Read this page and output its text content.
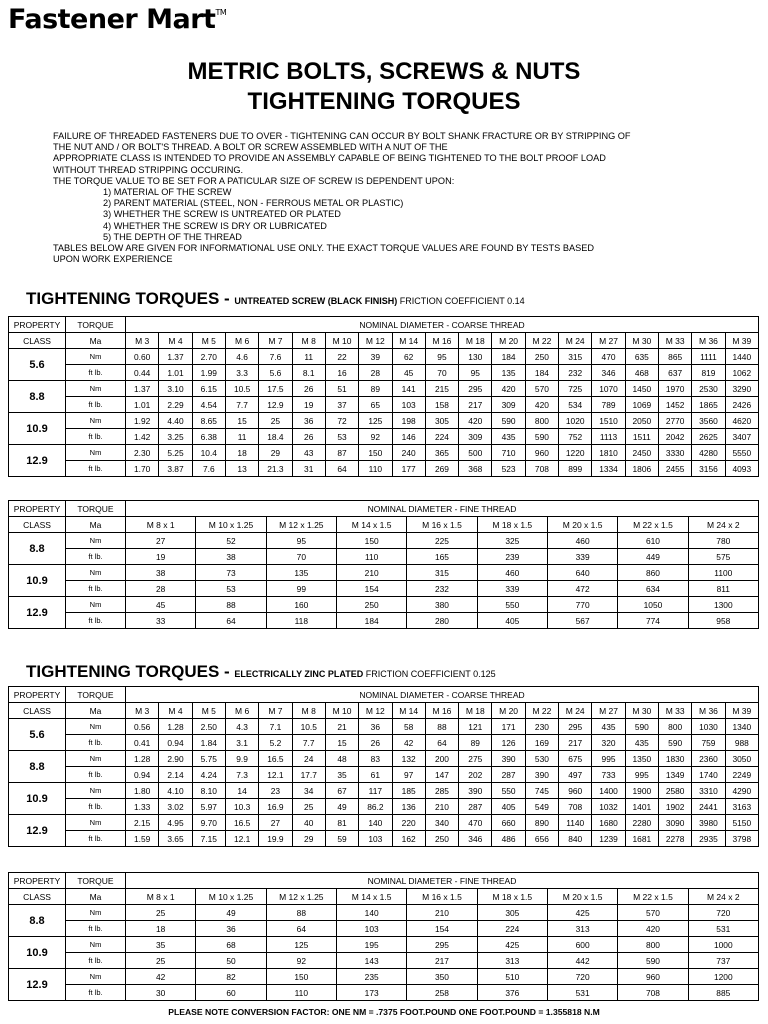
Fastener Mart™
METRIC BOLTS, SCREWS & NUTS
TIGHTENING TORQUES
FAILURE OF THREADED FASTENERS DUE TO OVER - TIGHTENING CAN OCCUR BY BOLT SHANK FRACTURE OR BY STRIPPING OF
THE NUT AND / OR BOLT'S THREAD. A BOLT OR SCREW ASSEMBLED WITH A NUT OF THE
APPROPRIATE CLASS IS INTENDED TO PROVIDE AN ASSEMBLY CAPABLE OF BEING TIGHTENED TO THE BOLT PROOF LOAD
WITHOUT THREAD STRIPPING OCCURING.
THE TORQUE VALUE TO BE SET FOR A PATICULAR SIZE OF SCREW IS DEPENDENT UPON:
1) MATERIAL OF THE SCREW
2) PARENT MATERIAL (STEEL, NON - FERROUS METAL OR PLASTIC)
3) WHETHER THE SCREW IS UNTREATED OR PLATED
4) WHETHER THE SCREW IS DRY OR LUBRICATED
5) THE DEPTH OF THE THREAD
TABLES BELOW ARE GIVEN FOR INFORMATIONAL USE ONLY. THE EXACT TORQUE VALUES ARE FOUND BY TESTS BASED
UPON WORK EXPERIENCE
TIGHTENING TORQUES - UNTREATED SCREW (BLACK FINISH) FRICTION COEFFICIENT 0.14
PROPERTY	TORQUE	NOMINAL DIAMETER - COARSE THREAD																		
CLASS	Ma	M 3	M 4	M 5	M 6	M 7	M 8	M 10	M 12	M 14	M 16	M 18	M 20	M 22	M 24	M 27	M 30	M 33	M 36	M 39
5.6	Nm	0.60	1.37	2.70	4.6	7.6	11	22	39	62	95	130	184	250	315	470	635	865	1111	1440
	ft lb.	0.44	1.01	1.99	3.3	5.6	8.1	16	28	45	70	95	135	184	232	346	468	637	819	1062
8.8	Nm	1.37	3.10	6.15	10.5	17.5	26	51	89	141	215	295	420	570	725	1070	1450	1970	2530	3290
	ft lb.	1.01	2.29	4.54	7.7	12.9	19	37	65	103	158	217	309	420	534	789	1069	1452	1865	2426
10.9	Nm	1.92	4.40	8.65	15	25	36	72	125	198	305	420	590	800	1020	1510	2050	2770	3560	4620
	ft lb.	1.42	3.25	6.38	11	18.4	26	53	92	146	224	309	435	590	752	1113	1511	2042	2625	3407
12.9	Nm	2.30	5.25	10.4	18	29	43	87	150	240	365	500	710	960	1220	1810	2450	3330	4280	5550
	ft lb.	1.70	3.87	7.6	13	21.3	31	64	110	177	269	368	523	708	899	1334	1806	2455	3156	4093
PROPERTY	TORQUE	NOMINAL DIAMETER - FINE THREAD								
CLASS	Ma	M 8 x 1	M 10 x 1.25	M 12 x 1.25	M 14 x 1.5	M 16 x 1.5	M 18 x 1.5	M 20 x 1.5	M 22 x 1.5	M 24 x 2
8.8	Nm	27	52	95	150	225	325	460	610	780
	ft lb.	19	38	70	110	165	239	339	449	575
10.9	Nm	38	73	135	210	315	460	640	860	1100
	ft lb.	28	53	99	154	232	339	472	634	811
12.9	Nm	45	88	160	250	380	550	770	1050	1300
	ft lb.	33	64	118	184	280	405	567	774	958
TIGHTENING TORQUES - ELECTRICALLY ZINC PLATED FRICTION COEFFICIENT 0.125
PROPERTY	TORQUE	NOMINAL DIAMETER - COARSE THREAD																		
CLASS	Ma	M 3	M 4	M 5	M 6	M 7	M 8	M 10	M 12	M 14	M 16	M 18	M 20	M 22	M 24	M 27	M 30	M 33	M 36	M 39
5.6	Nm	0.56	1.28	2.50	4.3	7.1	10.5	21	36	58	88	121	171	230	295	435	590	800	1030	1340
	ft lb.	0.41	0.94	1.84	3.1	5.2	7.7	15	26	42	64	89	126	169	217	320	435	590	759	988
8.8	Nm	1.28	2.90	5.75	9.9	16.5	24	48	83	132	200	275	390	530	675	995	1350	1830	2360	3050
	ft lb.	0.94	2.14	4.24	7.3	12.1	17.7	35	61	97	147	202	287	390	497	733	995	1349	1740	2249
10.9	Nm	1.80	4.10	8.10	14	23	34	67	117	185	285	390	550	745	960	1400	1900	2580	3310	4290
	ft lb.	1.33	3.02	5.97	10.3	16.9	25	49	86.2	136	210	287	405	549	708	1032	1401	1902	2441	3163
12.9	Nm	2.15	4.95	9.70	16.5	27	40	81	140	220	340	470	660	890	1140	1680	2280	3090	3980	5150
	ft lb.	1.59	3.65	7.15	12.1	19.9	29	59	103	162	250	346	486	656	840	1239	1681	2278	2935	3798
PROPERTY	TORQUE	NOMINAL DIAMETER - FINE THREAD								
CLASS	Ma	M 8 x 1	M 10 x 1.25	M 12 x 1.25	M 14 x 1.5	M 16 x 1.5	M 18 x 1.5	M 20 x 1.5	M 22 x 1.5	M 24 x 2
8.8	Nm	25	49	88	140	210	305	425	570	720
	ft lb.	18	36	64	103	154	224	313	420	531
10.9	Nm	35	68	125	195	295	425	600	800	1000
	ft lb.	25	50	92	143	217	313	442	590	737
12.9	Nm	42	82	150	235	350	510	720	960	1200
	ft lb.	30	60	110	173	258	376	531	708	885
PLEASE NOTE CONVERSION FACTOR: ONE NM = .7375 FOOT.POUND ONE FOOT.POUND = 1.355818 N.M
